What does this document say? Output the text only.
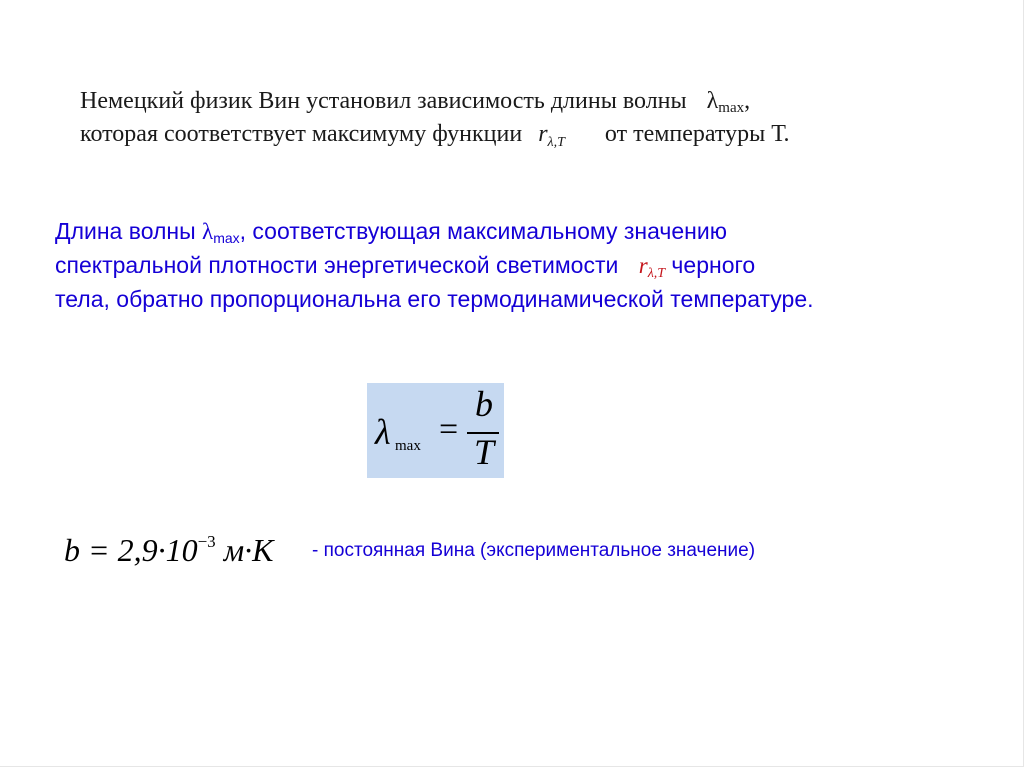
Немецкий физик Вин установил зависимость длины волны $\lambda_{max}$,
которая соответствует максимуму функции $r_{\lambda,T}$ от температуры Т.
Длина волны λmax, соответствующая максимальному значению
спектральной плотности энергетической светимости rλ,T черного
тела, обратно пропорциональна его термодинамической температуре.
λ max =
b
T
$b = 2,9\cdot 10^{-3}$ м·К - постоянная Вина (экспериментальное значение)
